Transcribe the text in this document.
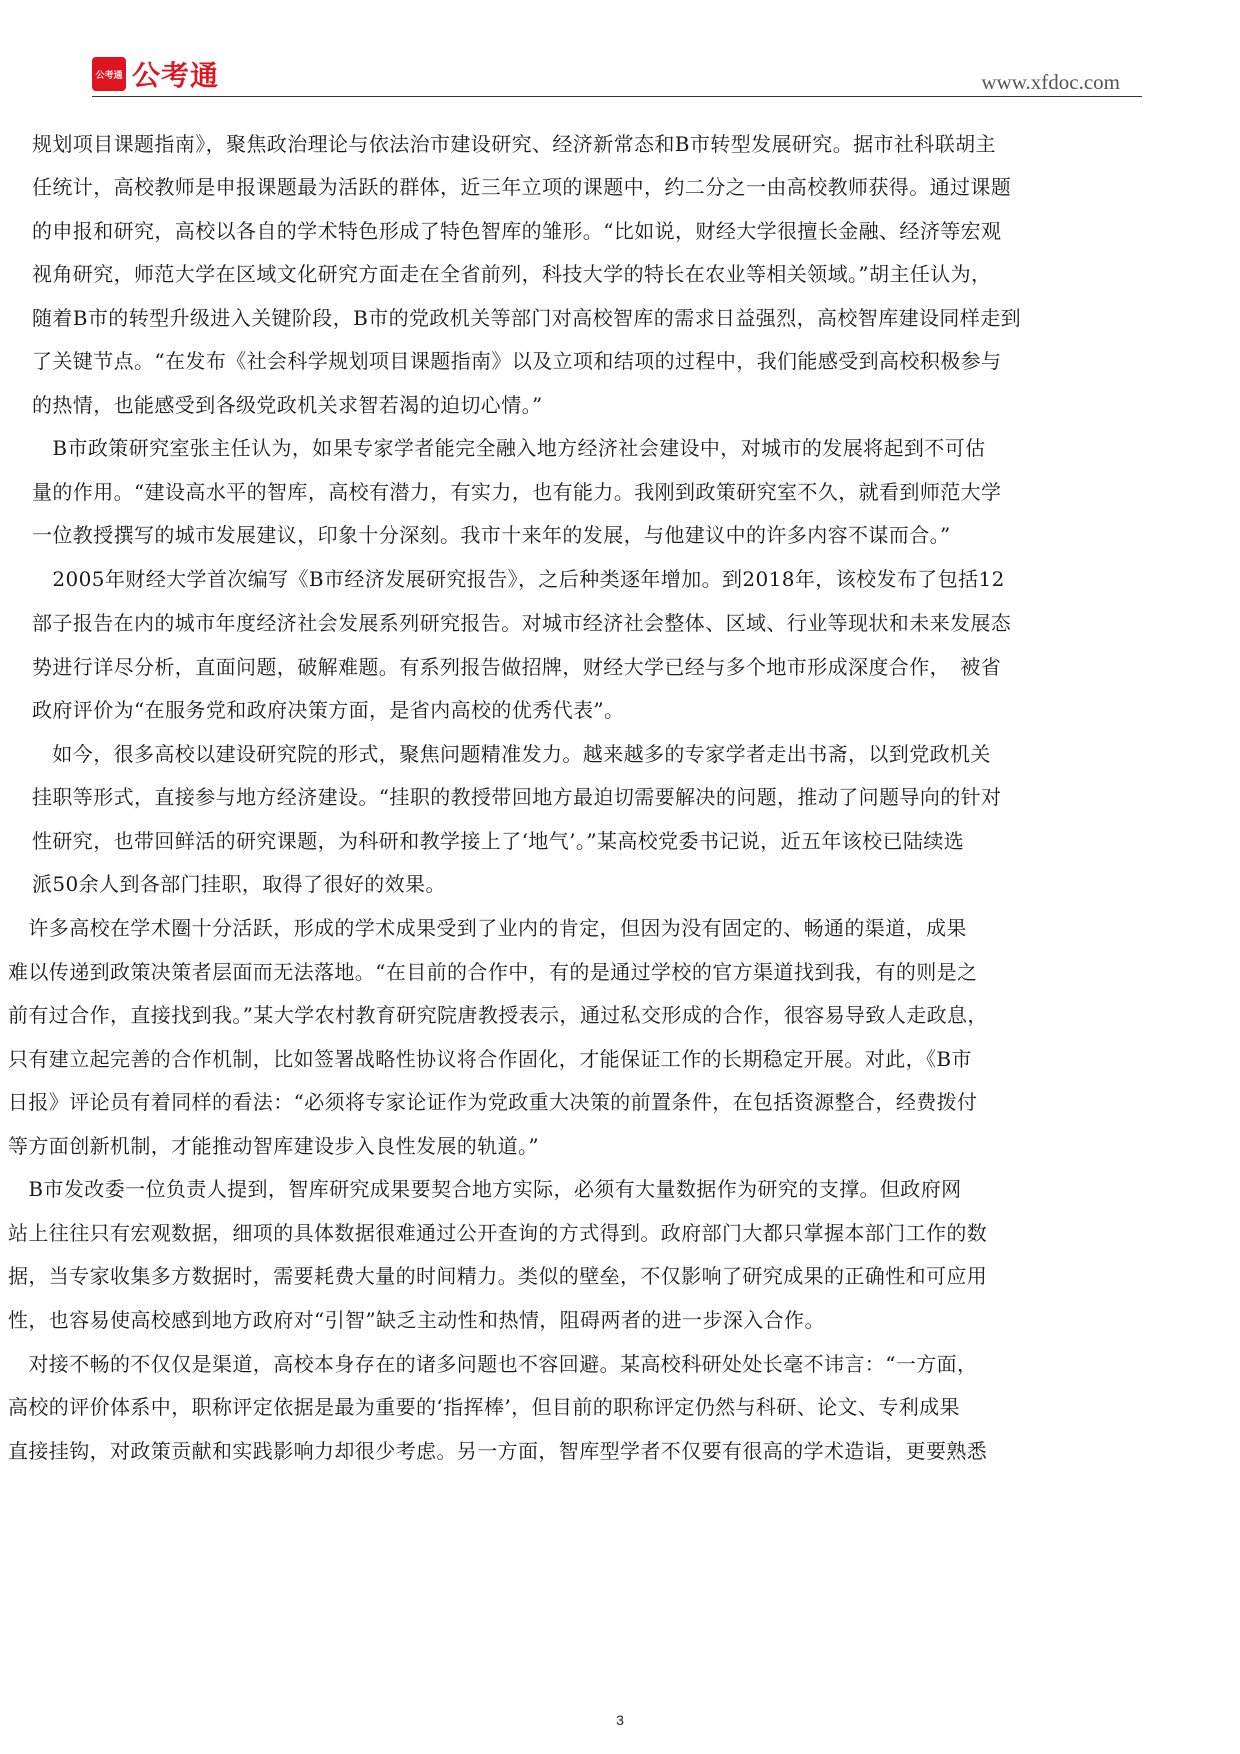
公考通 公考通	www.xfdoc.com
规划项目课题指南》，聚焦政治理论与依法治市建设研究、经济新常态和B市转型发展研究。据市社科联胡主
任统计，高校教师是申报课题最为活跃的群体，近三年立项的课题中，约二分之一由高校教师获得。通过课题
的申报和研究，高校以各自的学术特色形成了特色智库的雏形。“比如说，财经大学很擅长金融、经济等宏观
视角研究，师范大学在区域文化研究方面走在全省前列，科技大学的特长在农业等相关领域。”胡主任认为，
随着B市的转型升级进入关键阶段，B市的党政机关等部门对高校智库的需求日益强烈，高校智库建设同样走到
了关键节点。“在发布《社会科学规划项目课题指南》以及立项和结项的过程中，我们能感受到高校积极参与
的热情，也能感受到各级党政机关求智若渴的迫切心情。”
　B市政策研究室张主任认为，如果专家学者能完全融入地方经济社会建设中，对城市的发展将起到不可估
量的作用。“建设高水平的智库，高校有潜力，有实力，也有能力。我刚到政策研究室不久，就看到师范大学
一位教授撰写的城市发展建议，印象十分深刻。我市十来年的发展，与他建议中的许多内容不谋而合。”
　2005年财经大学首次编写《B市经济发展研究报告》，之后种类逐年增加。到2018年，该校发布了包括12
部子报告在内的城市年度经济社会发展系列研究报告。对城市经济社会整体、区域、行业等现状和未来发展态
势进行详尽分析，直面问题，破解难题。有系列报告做招牌，财经大学已经与多个地市形成深度合作，　被省
政府评价为“在服务党和政府决策方面，是省内高校的优秀代表”。
　如今，很多高校以建设研究院的形式，聚焦问题精准发力。越来越多的专家学者走出书斋，以到党政机关
挂职等形式，直接参与地方经济建设。“挂职的教授带回地方最迫切需要解决的问题，推动了问题导向的针对
性研究，也带回鲜活的研究课题，为科研和教学接上了‘地气’。”某高校党委书记说，近五年该校已陆续选
派50余人到各部门挂职，取得了很好的效果。
　许多高校在学术圈十分活跃，形成的学术成果受到了业内的肯定，但因为没有固定的、畅通的渠道，成果
难以传递到政策决策者层面而无法落地。“在目前的合作中，有的是通过学校的官方渠道找到我，有的则是之
前有过合作，直接找到我。”某大学农村教育研究院唐教授表示，通过私交形成的合作，很容易导致人走政息，
只有建立起完善的合作机制，比如签署战略性协议将合作固化，才能保证工作的长期稳定开展。对此，《B市
日报》评论员有着同样的看法：“必须将专家论证作为党政重大决策的前置条件，在包括资源整合，经费拨付
等方面创新机制，才能推动智库建设步入良性发展的轨道。”
　B市发改委一位负责人提到，智库研究成果要契合地方实际，必须有大量数据作为研究的支撑。但政府网
站上往往只有宏观数据，细项的具体数据很难通过公开查询的方式得到。政府部门大都只掌握本部门工作的数
据，当专家收集多方数据时，需要耗费大量的时间精力。类似的壁垒，不仅影响了研究成果的正确性和可应用
性，也容易使高校感到地方政府对“引智”缺乏主动性和热情，阻碍两者的进一步深入合作。
　对接不畅的不仅仅是渠道，高校本身存在的诸多问题也不容回避。某高校科研处处长毫不讳言：“一方面，
高校的评价体系中，职称评定依据是最为重要的‘指挥棒’，但目前的职称评定仍然与科研、论文、专利成果
直接挂钩，对政策贡献和实践影响力却很少考虑。另一方面，智库型学者不仅要有很高的学术造诣，更要熟悉
3
